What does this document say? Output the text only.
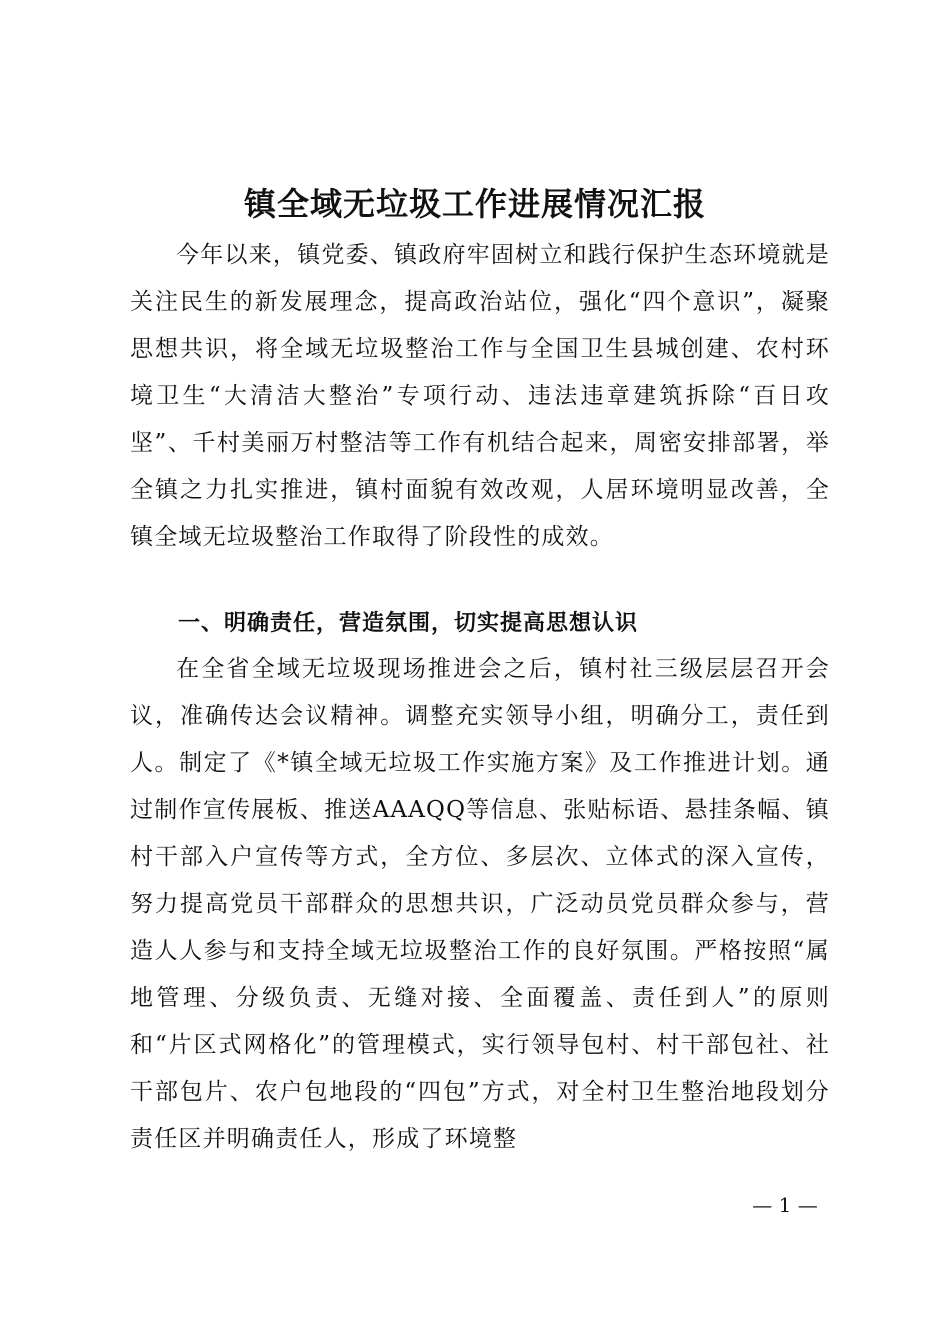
镇全域无垃圾工作进展情况汇报

今年以来，镇党委、镇政府牢固树立和践行保护生态环境就是关注民生的新发展理念，提高政治站位，强化“四个意识”，凝聚思想共识，将全域无垃圾整治工作与全国卫生县城创建、农村环境卫生“大清洁大整治”专项行动、违法违章建筑拆除“百日攻坚”、千村美丽万村整洁等工作有机结合起来，周密安排部署，举全镇之力扎实推进，镇村面貌有效改观，人居环境明显改善，全镇全域无垃圾整治工作取得了阶段性的成效。

一、明确责任，营造氛围，切实提高思想认识

在全省全域无垃圾现场推进会之后，镇村社三级层层召开会议，准确传达会议精神。调整充实领导小组，明确分工，责任到人。制定了《*镇全域无垃圾工作实施方案》及工作推进计划。通过制作宣传展板、推送AAAQQ等信息、张贴标语、悬挂条幅、镇村干部入户宣传等方式，全方位、多层次、立体式的深入宣传，努力提高党员干部群众的思想共识，广泛动员党员群众参与，营造人人参与和支持全域无垃圾整治工作的良好氛围。严格按照“属地管理、分级负责、无缝对接、全面覆盖、责任到人”的原则和“片区式网格化”的管理模式，实行领导包村、村干部包社、社干部包片、农户包地段的“四包”方式，对全村卫生整治地段划分责任区并明确责任人，形成了环境整

— 1 —
